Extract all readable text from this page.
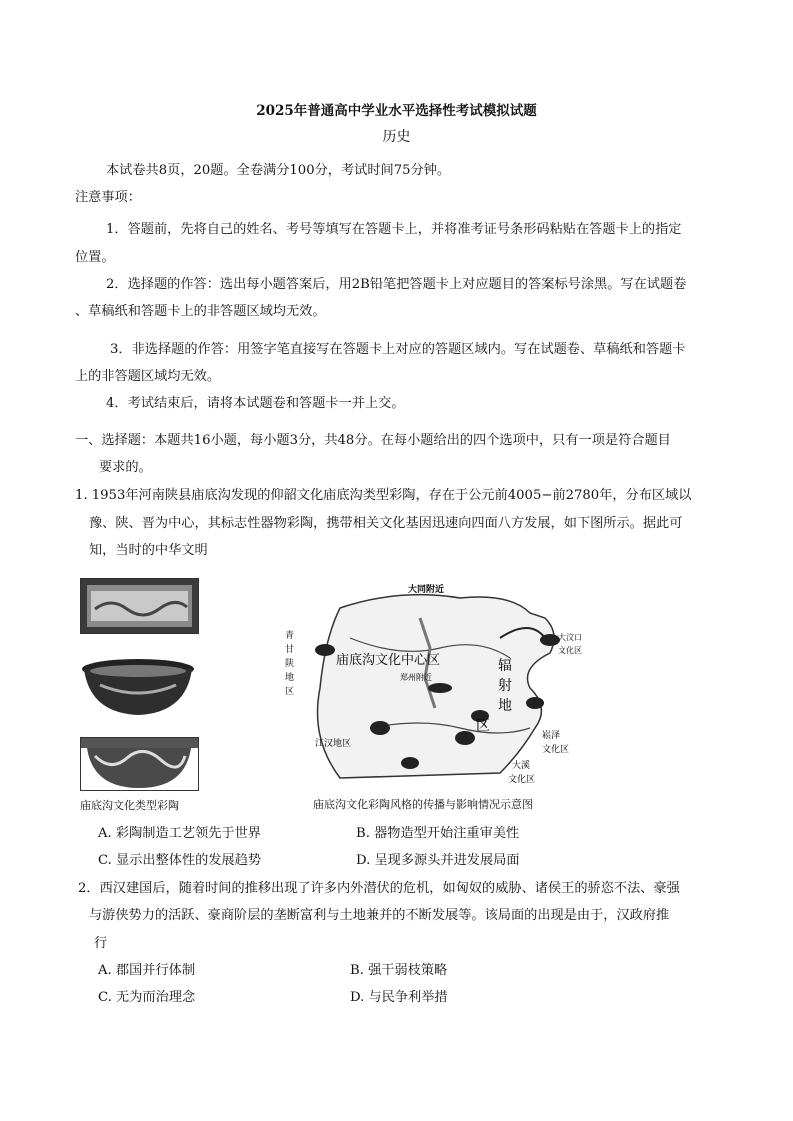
2025年普通高中学业水平选择性考试模拟试题
历史

本试卷共8页，20题。全卷满分100分，考试时间75分钟。

注意事项：

1．答题前，先将自己的姓名、考号等填写在答题卡上，并将准考证号条形码粘贴在答题卡上的指定

位置。

2．选择题的作答：选出每小题答案后，用2B铅笔把答题卡上对应题目的答案标号涂黑。写在试题卷

、草稿纸和答题卡上的非答题区域均无效。

3．非选择题的作答：用签字笔直接写在答题卡上对应的答题区域内。写在试题卷、草稿纸和答题卡

上的非答题区域均无效。

4．考试结束后，请将本试题卷和答题卡一并上交。

一、选择题：本题共16小题，每小题3分，共48分。在每小题给出的四个选项中，只有一项是符合题目

要求的。

1. 1953年河南陕县庙底沟发现的仰韶文化庙底沟类型彩陶，存在于公元前4005−前2780年，分布区域以

豫、陕、晋为中心，其标志性器物彩陶，携带相关文化基因迅速向四面八方发展，如下图所示。据此可

知，当时的中华文明

庙底沟文化类型彩陶
大同附近
大汶口
文化区
青
甘
陕
地
区
庙底沟文化中心区
郑州附近
辐
射
地
区
江汉地区
崧泽
文化区
大溪
文化区
庙底沟文化彩陶风格的传播与影响情况示意图
A. 彩陶制造工艺领先于世界	B. 器物造型开始注重审美性
C. 显示出整体性的发展趋势	D. 呈现多源头并进发展局面

2．西汉建国后，随着时间的推移出现了许多内外潜伏的危机，如匈奴的威胁、诸侯王的骄恣不法、豪强

与游侠势力的活跃、豪商阶层的垄断富利与土地兼并的不断发展等。该局面的出现是由于，汉政府推

行

A. 郡国并行体制	B. 强干弱枝策略
C. 无为而治理念	D. 与民争利举措
